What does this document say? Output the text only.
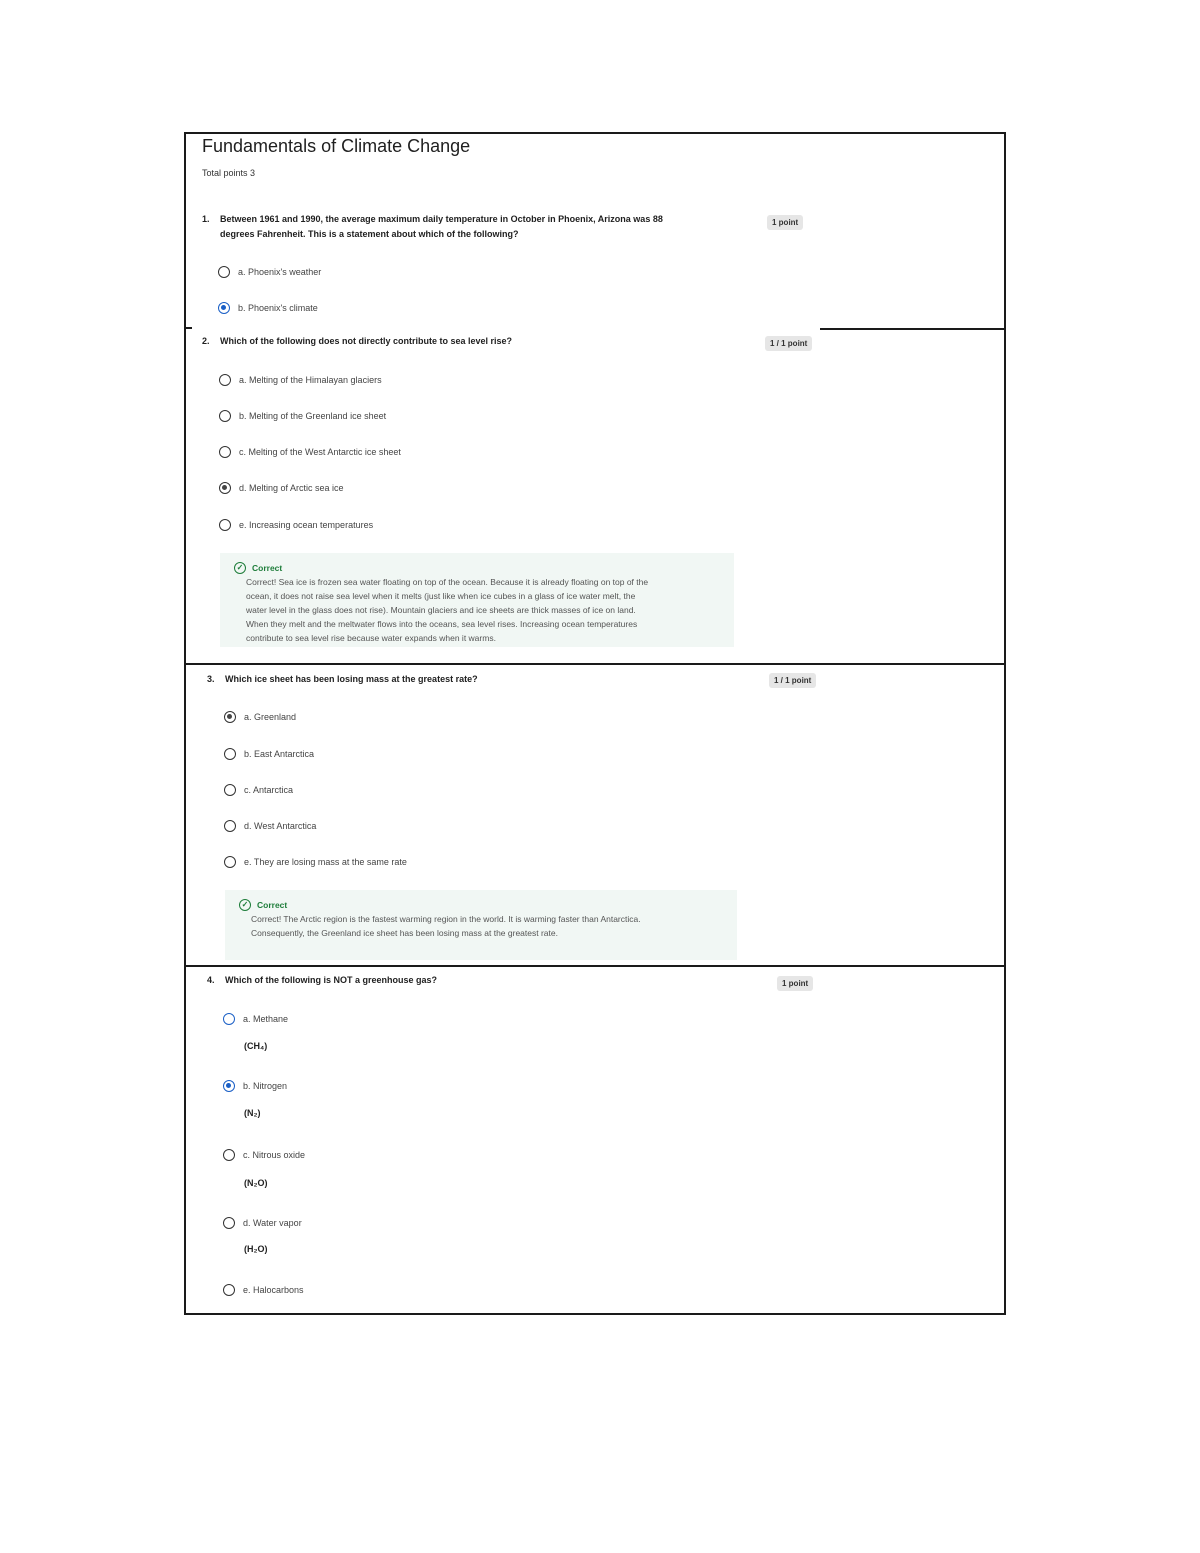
Fundamentals of Climate Change
Total points 3
1. Between 1961 and 1990, the average maximum daily temperature in October in Phoenix, Arizona was 88
degrees Fahrenheit. This is a statement about which of the following?
1 point
a. Phoenix's weather
b. Phoenix's climate
2. Which of the following does not directly contribute to sea level rise?	1 / 1 point
a. Melting of the Himalayan glaciers
b. Melting of the Greenland ice sheet
c. Melting of the West Antarctic ice sheet
d. Melting of Arctic sea ice
e. Increasing ocean temperatures
✓	Correct
Correct! Sea ice is frozen sea water floating on top of the ocean. Because it is already floating on top of the
ocean, it does not raise sea level when it melts (just like when ice cubes in a glass of ice water melt, the
water level in the glass does not rise). Mountain glaciers and ice sheets are thick masses of ice on land.
When they melt and the meltwater flows into the oceans, sea level rises. Increasing ocean temperatures
contribute to sea level rise because water expands when it warms.
3. Which ice sheet has been losing mass at the greatest rate?	1 / 1 point
a. Greenland
b. East Antarctica
c. Antarctica
d. West Antarctica
e. They are losing mass at the same rate
✓	Correct
Correct! The Arctic region is the fastest warming region in the world. It is warming faster than Antarctica.
Consequently, the Greenland ice sheet has been losing mass at the greatest rate.
4. Which of the following is NOT a greenhouse gas?	1 point
a. Methane
(CH₄)
b. Nitrogen
(N₂)
c. Nitrous oxide
(N₂O)
d. Water vapor
(H₂O)
e. Halocarbons
